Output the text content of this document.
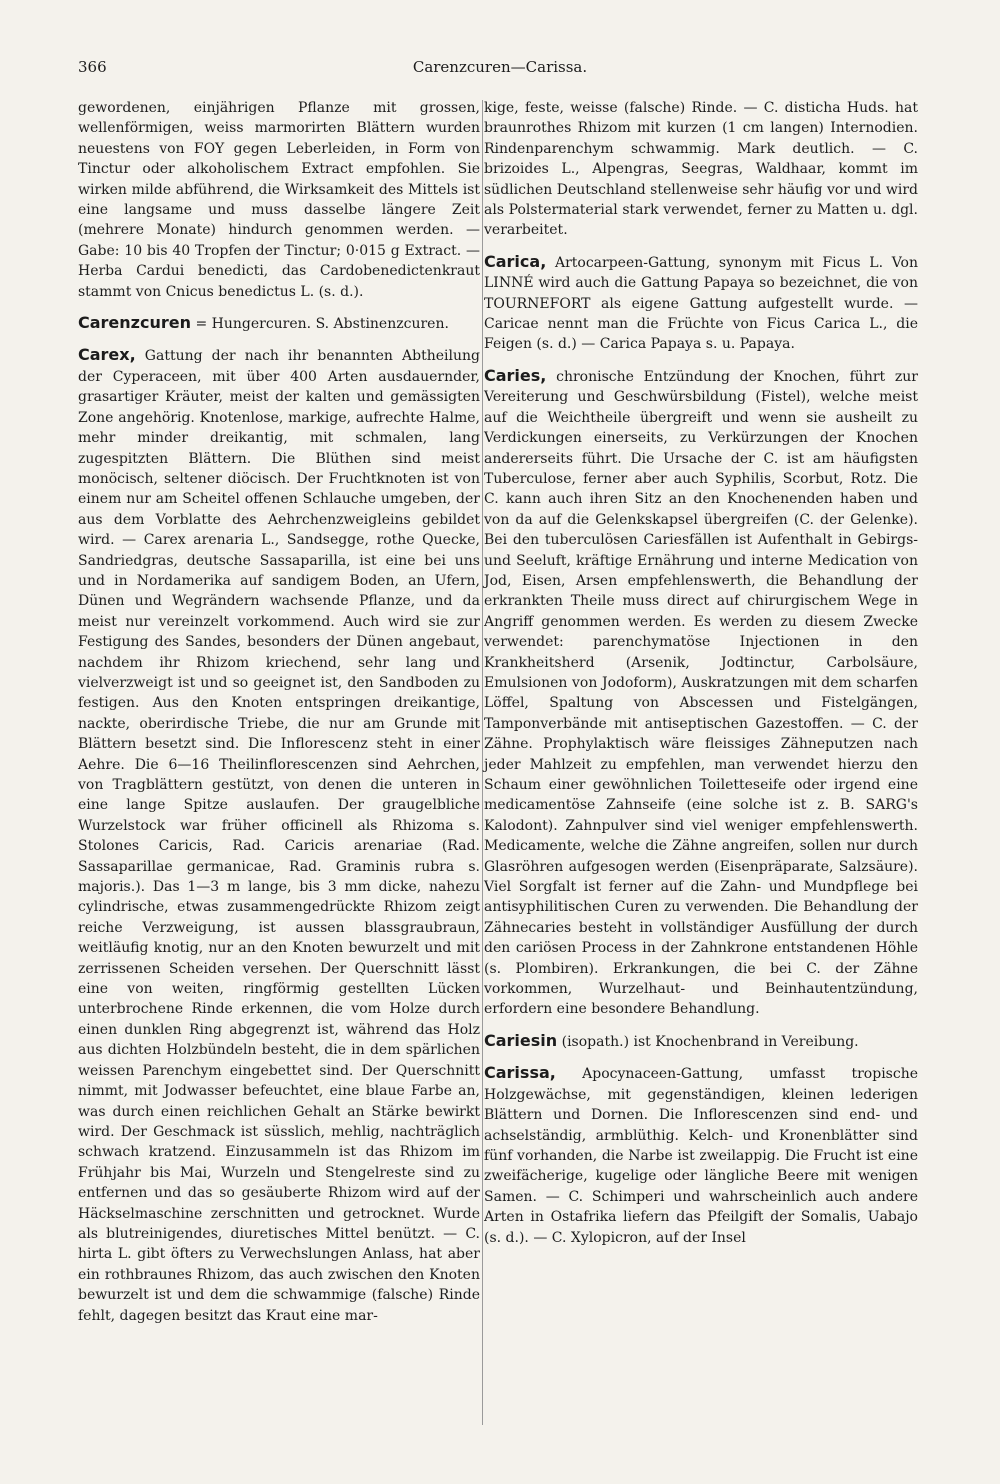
366	Carenzcuren—Carissa.

gewordenen, einjährigen Pflanze mit grossen, wellenförmigen, weiss marmorirten Blättern wurden neuestens von FOY gegen Leberleiden, in Form von Tinctur oder alkoholischem Extract empfohlen. Sie wirken milde abführend, die Wirksamkeit des Mittels ist eine langsame und muss dasselbe längere Zeit (mehrere Monate) hindurch genommen werden. — Gabe: 10 bis 40 Tropfen der Tinctur; 0·015 g Extract. — Herba Cardui benedicti, das Cardobenedictenkraut stammt von Cnicus benedictus L. (s. d.).

Carenzcuren = Hungercuren. S. Abstinenzcuren.

Carex, Gattung der nach ihr benannten Abtheilung der Cyperaceen, mit über 400 Arten ausdauernder, grasartiger Kräuter, meist der kalten und gemässigten Zone angehörig. Knotenlose, markige, aufrechte Halme, mehr minder dreikantig, mit schmalen, lang zugespitzten Blättern. Die Blüthen sind meist monöcisch, seltener diöcisch. Der Fruchtknoten ist von einem nur am Scheitel offenen Schlauche umgeben, der aus dem Vorblatte des Aehrchenzweigleins gebildet wird. — Carex arenaria L., Sandsegge, rothe Quecke, Sandriedgras, deutsche Sassaparilla, ist eine bei uns und in Nordamerika auf sandigem Boden, an Ufern, Dünen und Wegrändern wachsende Pflanze, und da meist nur vereinzelt vorkommend. Auch wird sie zur Festigung des Sandes, besonders der Dünen angebaut, nachdem ihr Rhizom kriechend, sehr lang und vielverzweigt ist und so geeignet ist, den Sandboden zu festigen. Aus den Knoten entspringen dreikantige, nackte, oberirdische Triebe, die nur am Grunde mit Blättern besetzt sind. Die Inflorescenz steht in einer Aehre. Die 6—16 Theilinflorescenzen sind Aehrchen, von Tragblättern gestützt, von denen die unteren in eine lange Spitze auslaufen. Der graugelbliche Wurzelstock war früher officinell als Rhizoma s. Stolones Caricis, Rad. Caricis arenariae (Rad. Sassaparillae germanicae, Rad. Graminis rubra s. majoris.). Das 1—3 m lange, bis 3 mm dicke, nahezu cylindrische, etwas zusammengedrückte Rhizom zeigt reiche Verzweigung, ist aussen blassgraubraun, weitläufig knotig, nur an den Knoten bewurzelt und mit zerrissenen Scheiden versehen. Der Querschnitt lässt eine von weiten, ringförmig gestellten Lücken unterbrochene Rinde erkennen, die vom Holze durch einen dunklen Ring abgegrenzt ist, während das Holz aus dichten Holzbündeln besteht, die in dem spärlichen weissen Parenchym eingebettet sind. Der Querschnitt nimmt, mit Jodwasser befeuchtet, eine blaue Farbe an, was durch einen reichlichen Gehalt an Stärke bewirkt wird. Der Geschmack ist süsslich, mehlig, nachträglich schwach kratzend. Einzusammeln ist das Rhizom im Frühjahr bis Mai, Wurzeln und Stengelreste sind zu entfernen und das so gesäuberte Rhizom wird auf der Häckselmaschine zerschnitten und getrocknet. Wurde als blutreinigendes, diuretisches Mittel benützt. — C. hirta L. gibt öfters zu Verwechslungen Anlass, hat aber ein rothbraunes Rhizom, das auch zwischen den Knoten bewurzelt ist und dem die schwammige (falsche) Rinde fehlt, dagegen besitzt das Kraut eine mar-

kige, feste, weisse (falsche) Rinde. — C. disticha Huds. hat braunrothes Rhizom mit kurzen (1 cm langen) Internodien. Rindenparenchym schwammig. Mark deutlich. — C. brizoides L., Alpengras, Seegras, Waldhaar, kommt im südlichen Deutschland stellenweise sehr häufig vor und wird als Polstermaterial stark verwendet, ferner zu Matten u. dgl. verarbeitet.

Carica, Artocarpeen-Gattung, synonym mit Ficus L. Von LINNÉ wird auch die Gattung Papaya so bezeichnet, die von TOURNEFORT als eigene Gattung aufgestellt wurde. — Caricae nennt man die Früchte von Ficus Carica L., die Feigen (s. d.) — Carica Papaya s. u. Papaya.

Caries, chronische Entzündung der Knochen, führt zur Vereiterung und Geschwürsbildung (Fistel), welche meist auf die Weichtheile übergreift und wenn sie ausheilt zu Verdickungen einerseits, zu Verkürzungen der Knochen andererseits führt. Die Ursache der C. ist am häufigsten Tuberculose, ferner aber auch Syphilis, Scorbut, Rotz. Die C. kann auch ihren Sitz an den Knochenenden haben und von da auf die Gelenkskapsel übergreifen (C. der Gelenke). Bei den tuberculösen Cariesfällen ist Aufenthalt in Gebirgs- und Seeluft, kräftige Ernährung und interne Medication von Jod, Eisen, Arsen empfehlenswerth, die Behandlung der erkrankten Theile muss direct auf chirurgischem Wege in Angriff genommen werden. Es werden zu diesem Zwecke verwendet: parenchymatöse Injectionen in den Krankheitsherd (Arsenik, Jodtinctur, Carbolsäure, Emulsionen von Jodoform), Auskratzungen mit dem scharfen Löffel, Spaltung von Abscessen und Fistelgängen, Tamponverbände mit antiseptischen Gazestoffen. — C. der Zähne. Prophylaktisch wäre fleissiges Zähneputzen nach jeder Mahlzeit zu empfehlen, man verwendet hierzu den Schaum einer gewöhnlichen Toiletteseife oder irgend eine medicamentöse Zahnseife (eine solche ist z. B. SARG's Kalodont). Zahnpulver sind viel weniger empfehlenswerth. Medicamente, welche die Zähne angreifen, sollen nur durch Glasröhren aufgesogen werden (Eisenpräparate, Salzsäure). Viel Sorgfalt ist ferner auf die Zahn- und Mundpflege bei antisyphilitischen Curen zu verwenden. Die Behandlung der Zähnecaries besteht in vollständiger Ausfüllung der durch den cariösen Process in der Zahnkrone entstandenen Höhle (s. Plombiren). Erkrankungen, die bei C. der Zähne vorkommen, Wurzelhaut- und Beinhautentzündung, erfordern eine besondere Behandlung.

Cariesin (isopath.) ist Knochenbrand in Vereibung.

Carissa, Apocynaceen-Gattung, umfasst tropische Holzgewächse, mit gegenständigen, kleinen lederigen Blättern und Dornen. Die Inflorescenzen sind end- und achselständig, armblüthig. Kelch- und Kronenblätter sind fünf vorhanden, die Narbe ist zweilappig. Die Frucht ist eine zweifächerige, kugelige oder längliche Beere mit wenigen Samen. — C. Schimperi und wahrscheinlich auch andere Arten in Ostafrika liefern das Pfeilgift der Somalis, Uabajo (s. d.). — C. Xylopicron, auf der Insel
